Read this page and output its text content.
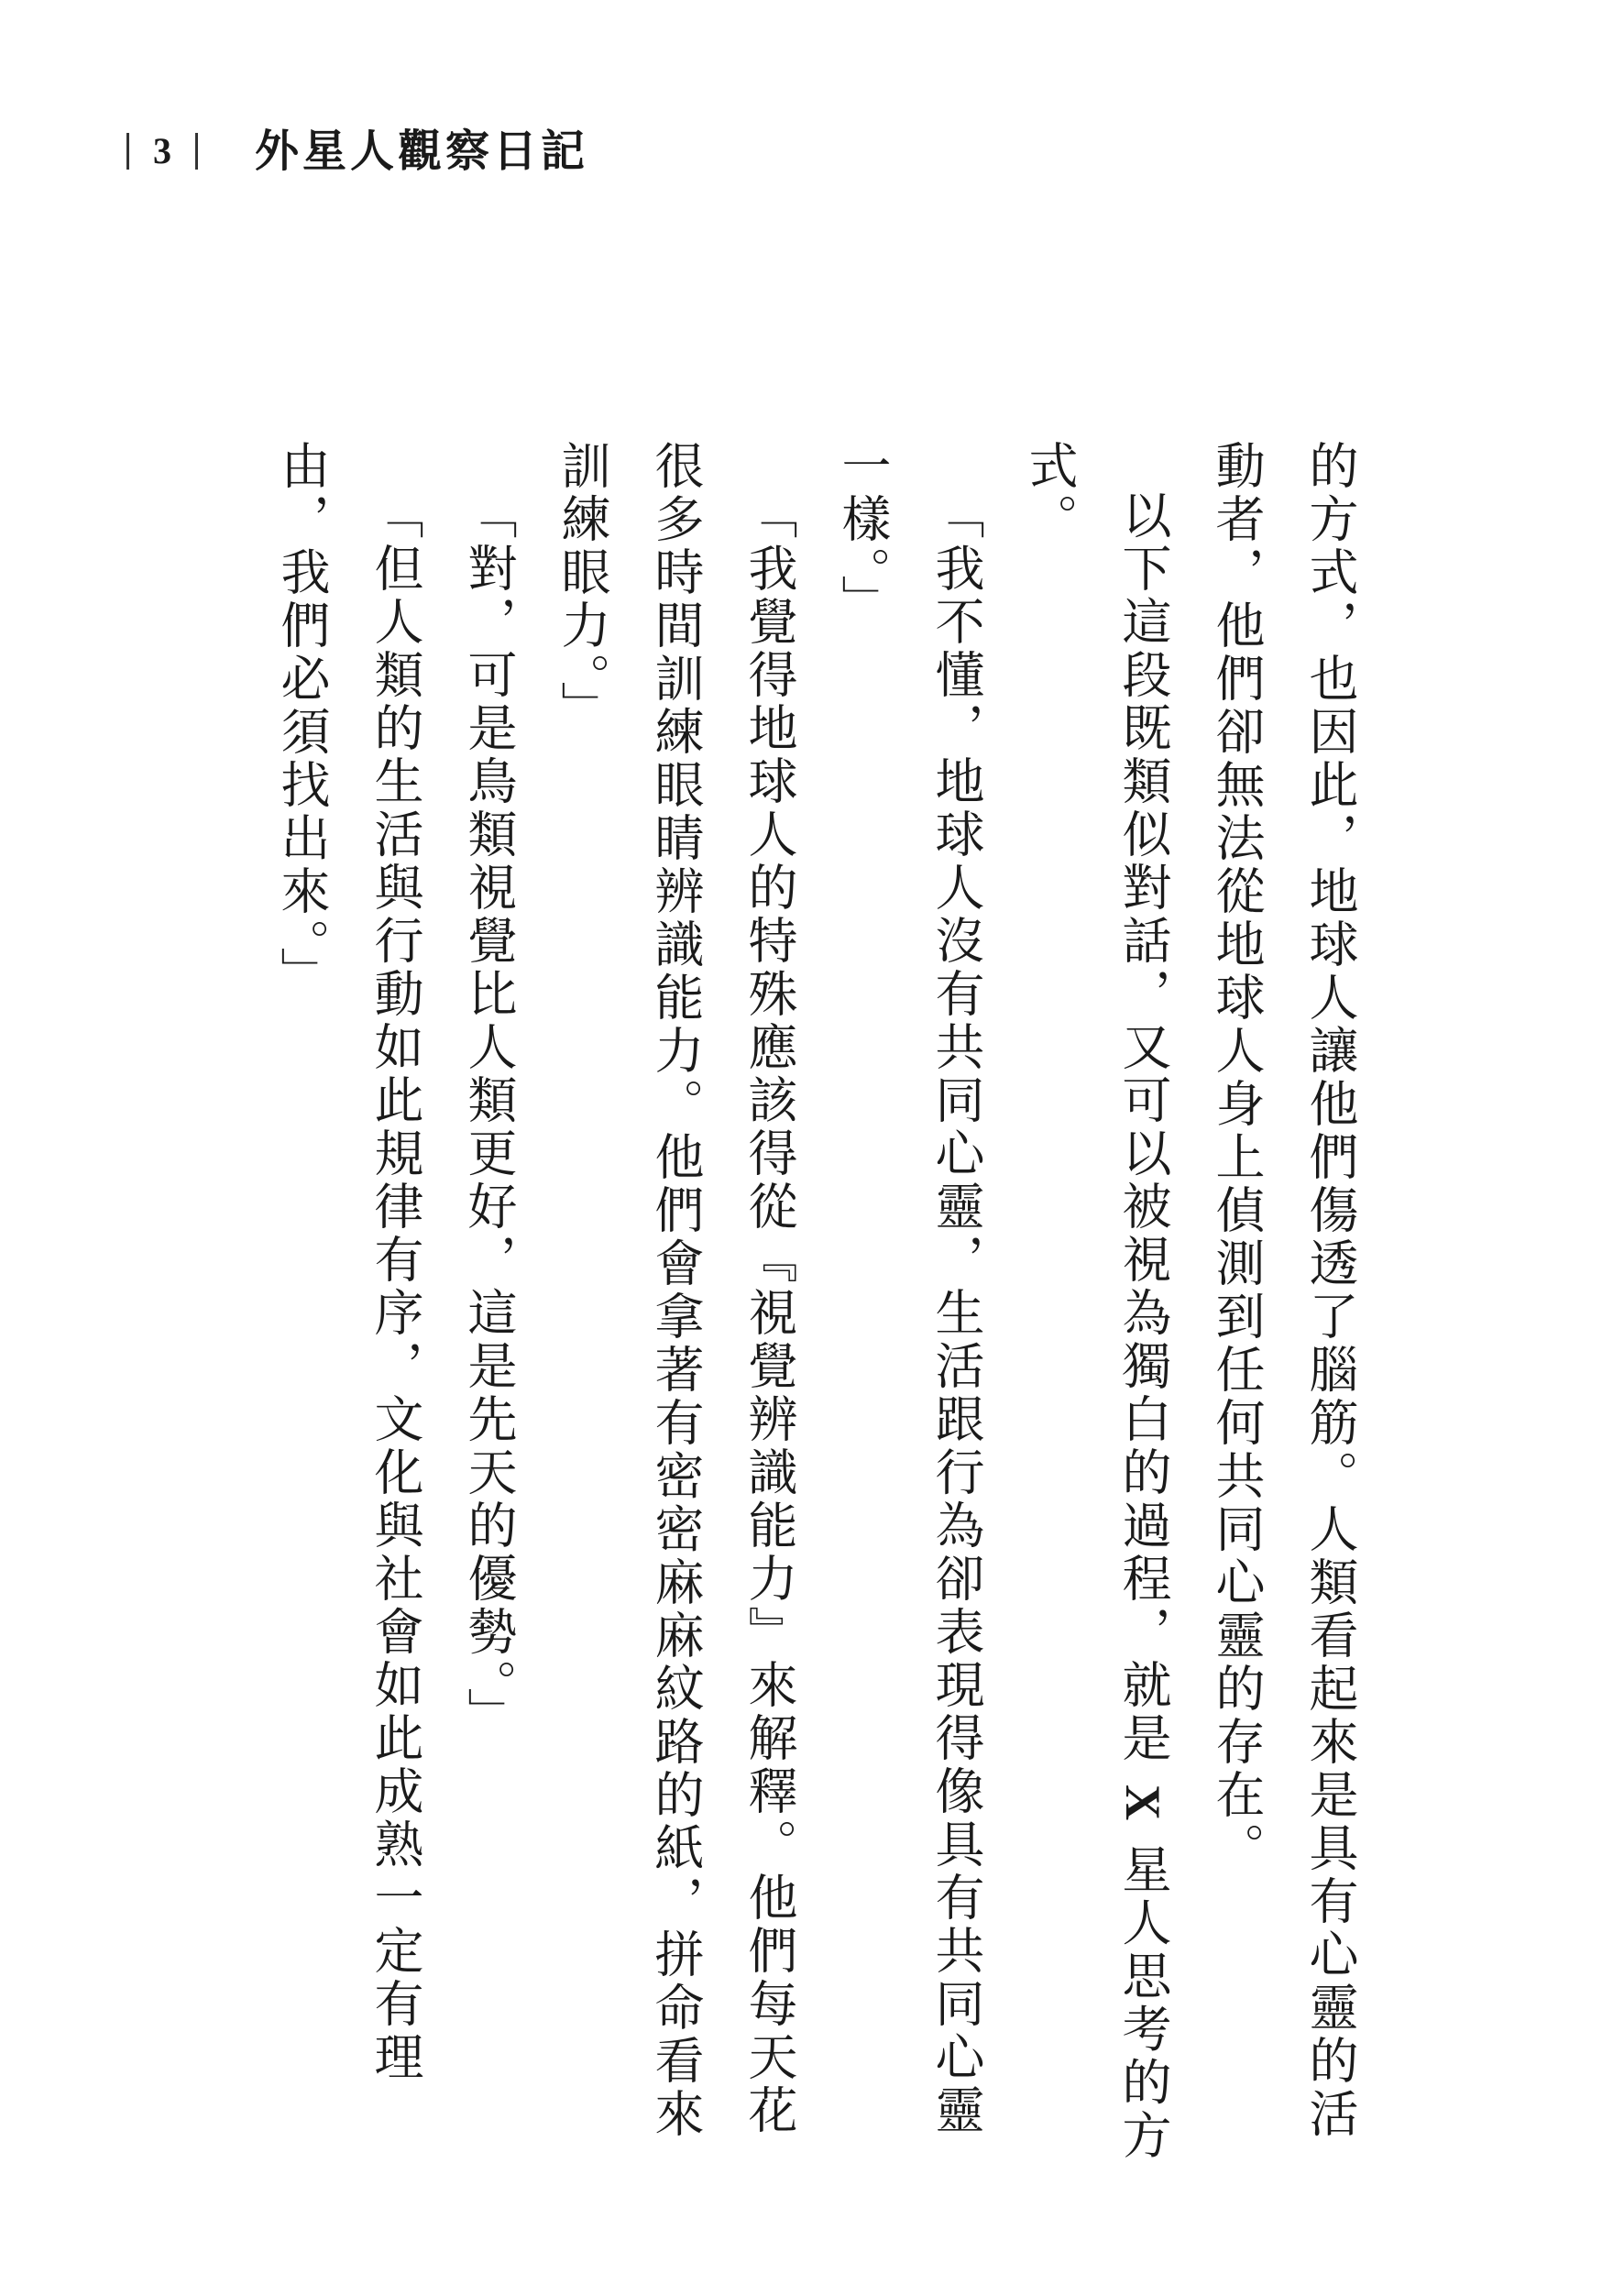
3 外星人觀察日記

的方式，也因此，地球人讓他們傷透了腦筋。人類看起來是具有心靈的活動者，他們卻無法從地球人身上偵測到任何共同心靈的存在。

以下這段既類似對話，又可以被視為獨白的過程，就是 X 星人思考的方式。

「我不懂，地球人沒有共同心靈，生活跟行為卻表現得像具有共同心靈一樣。」

「我覺得地球人的特殊應該得從『視覺辨識能力』來解釋。他們每天花很多時間訓練眼睛辨識能力。他們會拿著有密密麻麻紋路的紙，拼命看來訓練眼力。」

「對，可是鳥類視覺比人類更好，這是先天的優勢。」

「但人類的生活與行動如此規律有序，文化與社會如此成熟一定有理由，我們必須找出來。」
